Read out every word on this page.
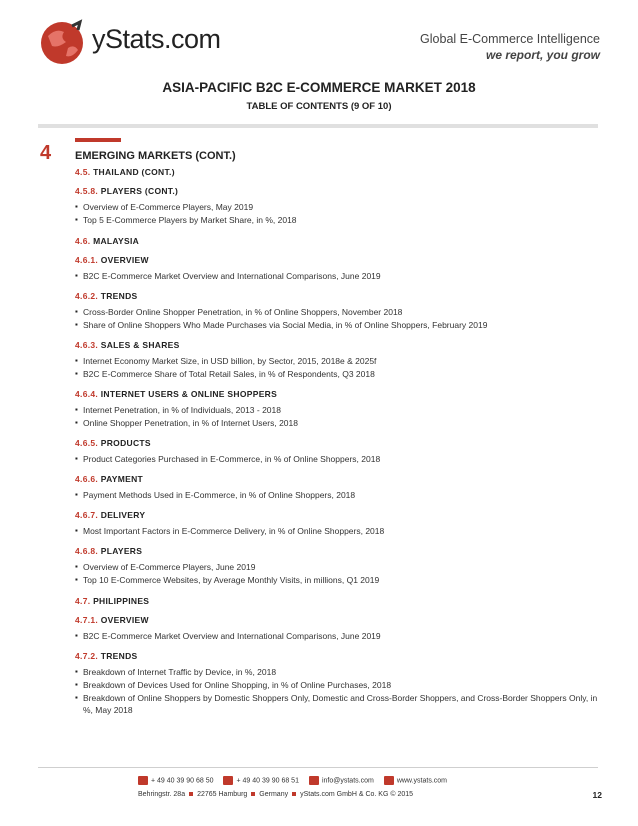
yStats.com	Global E-Commerce Intelligence
we report, you grow
ASIA-PACIFIC B2C E-COMMERCE MARKET 2018
TABLE OF CONTENTS (9 OF 10)
4 EMERGING MARKETS (CONT.)
4.5. THAILAND (CONT.)
4.5.8. PLAYERS (CONT.)
▪ Overview of E-Commerce Players, May 2019
▪ Top 5 E-Commerce Players by Market Share, in %, 2018
4.6. MALAYSIA
4.6.1. OVERVIEW
▪ B2C E-Commerce Market Overview and International Comparisons, June 2019
4.6.2. TRENDS
▪ Cross-Border Online Shopper Penetration, in % of Online Shoppers, November 2018
▪ Share of Online Shoppers Who Made Purchases via Social Media, in % of Online Shoppers, February 2019
4.6.3. SALES & SHARES
▪ Internet Economy Market Size, in USD billion, by Sector, 2015, 2018e & 2025f
▪ B2C E-Commerce Share of Total Retail Sales, in % of Respondents, Q3 2018
4.6.4. INTERNET USERS & ONLINE SHOPPERS
▪ Internet Penetration, in % of Individuals, 2013 - 2018
▪ Online Shopper Penetration, in % of Internet Users, 2018
4.6.5. PRODUCTS
▪ Product Categories Purchased in E-Commerce, in % of Online Shoppers, 2018
4.6.6. PAYMENT
▪ Payment Methods Used in E-Commerce, in % of Online Shoppers, 2018
4.6.7. DELIVERY
▪ Most Important Factors in E-Commerce Delivery, in % of Online Shoppers, 2018
4.6.8. PLAYERS
▪ Overview of E-Commerce Players, June 2019
▪ Top 10 E-Commerce Websites, by Average Monthly Visits, in millions, Q1 2019
4.7. PHILIPPINES
4.7.1. OVERVIEW
▪ B2C E-Commerce Market Overview and International Comparisons, June 2019
4.7.2. TRENDS
▪ Breakdown of Internet Traffic by Device, in %, 2018
▪ Breakdown of Devices Used for Online Shopping, in % of Online Purchases, 2018
▪ Breakdown of Online Shoppers by Domestic Shoppers Only, Domestic and Cross-Border Shoppers, and Cross-Border Shoppers Only, in %, May 2018
+ 49 40 39 90 68 50	+ 49 40 39 90 68 51	info@ystats.com	www.ystats.com
Behringstr. 28a 22765 Hamburg Germany yStats.com GmbH & Co. KG © 2015	12
